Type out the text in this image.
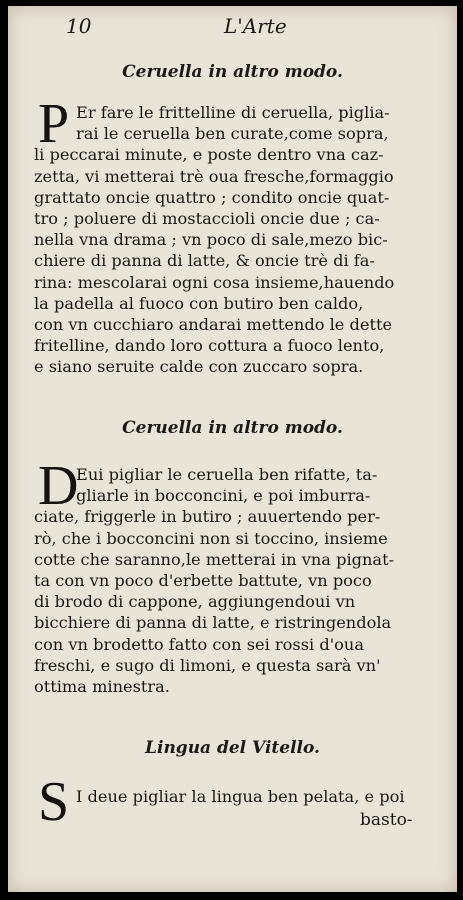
10	L'Arte
Ceruella in altro modo.
P Er fare le frittelline di ceruella, piglia-
rai le ceruella ben curate,come sopra,
li peccarai minute, e poste dentro vna caz-
zetta, vi metterai trè oua fresche,formaggio
grattato oncie quattro ; condito oncie quat-
tro ; poluere di mostaccioli oncie due ; ca-
nella vna drama ; vn poco di sale,mezo bic-
chiere di panna di latte, & oncie trè di fa-
rina: mescolarai ogni cosa insieme,hauendo
la padella al fuoco con butiro ben caldo,
con vn cucchiaro andarai mettendo le dette
fritelline, dando loro cottura a fuoco lento,
e siano seruite calde con zuccaro sopra.
Ceruella in altro modo.
D
Eui pigliar le ceruella ben rifatte, ta-
gliarle in bocconcini, e poi imburra-
ciate, friggerle in butiro ; auuertendo per-
rò, che i bocconcini non si toccino, insieme
cotte che saranno,le metterai in vna pignat-
ta con vn poco d'erbette battute, vn poco
di brodo di cappone, aggiungendoui vn
bicchiere di panna di latte, e ristringendola
con vn brodetto fatto con sei rossi d'oua
freschi, e sugo di limoni, e questa sarà vn'
ottima minestra.
Lingua del Vitello.
S I deue pigliar la lingua ben pelata, e poi
basto-
